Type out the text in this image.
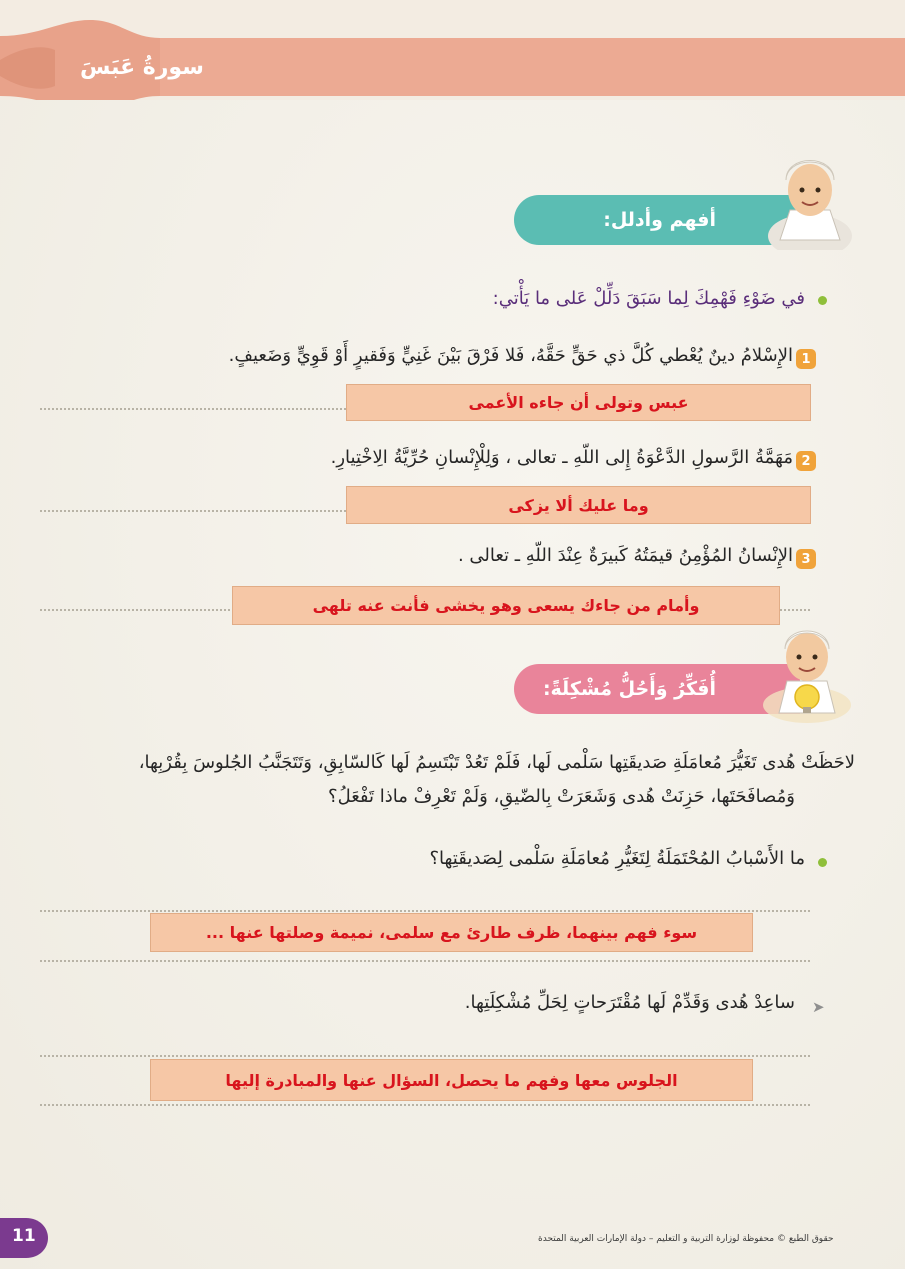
سورةُ عَبَسَ
أفهم وأدلل:
في ضَوْءِ فَهْمِكَ لِما سَبَقَ دَلِّلْ عَلى ما يَأْتي:
1
الإِسْلامُ دينٌ يُعْطي كُلَّ ذي حَقٍّ حَقَّهُ، فَلا فَرْقَ بَيْنَ غَنِيٍّ وَفَقيرٍ أَوْ قَوِيٍّ وَضَعيفٍ.
عبس وتولى أن جاءه الأعمى
2
مَهَمَّةُ الرَّسولِ الدَّعْوَةُ إِلى اللّهِ ـ تعالى ، وَلِلْإِنْسانِ حُرِّيَّةُ الِاخْتِيارِ.
وما عليك ألا يزكى
3
الإِنْسانُ المُؤْمِنُ قيمَتُهُ كَبيرَةٌ عِنْدَ اللّهِ ـ تعالى .
وأمام من جاءك يسعى وهو يخشى فأنت عنه تلهى
أُفَكِّرُ وَأَحُلُّ مُشْكِلَةً:
لاحَظَتْ هُدى تَغَيُّرَ مُعامَلَةِ صَديقَتِها سَلْمى لَها، فَلَمْ تَعُدْ تَبْتَسِمُ لَها كَالسّابِقِ، وَتَتَجَنَّبُ الجُلوسَ بِقُرْبِها،
وَمُصافَحَتَها، حَزِنَتْ هُدى وَشَعَرَتْ بِالضّيقِ، وَلَمْ تَعْرِفْ ماذا تَفْعَلُ؟
ما الأَسْبابُ المُحْتَمَلَةُ لِتَغَيُّرِ مُعامَلَةِ سَلْمى لِصَديقَتِها؟
سوء فهم بينهما، ظرف طارئ مع سلمى، نميمة وصلتها عنها ...
➤
ساعِدْ هُدى وَقَدِّمْ لَها مُقْتَرَحاتٍ لِحَلِّ مُشْكِلَتِها.
الجلوس معها وفهم ما يحصل، السؤال عنها والمبادرة إليها
11	حقوق الطبع © محفوظة لوزارة التربية و التعليم – دولة الإمارات العربية المتحدة
